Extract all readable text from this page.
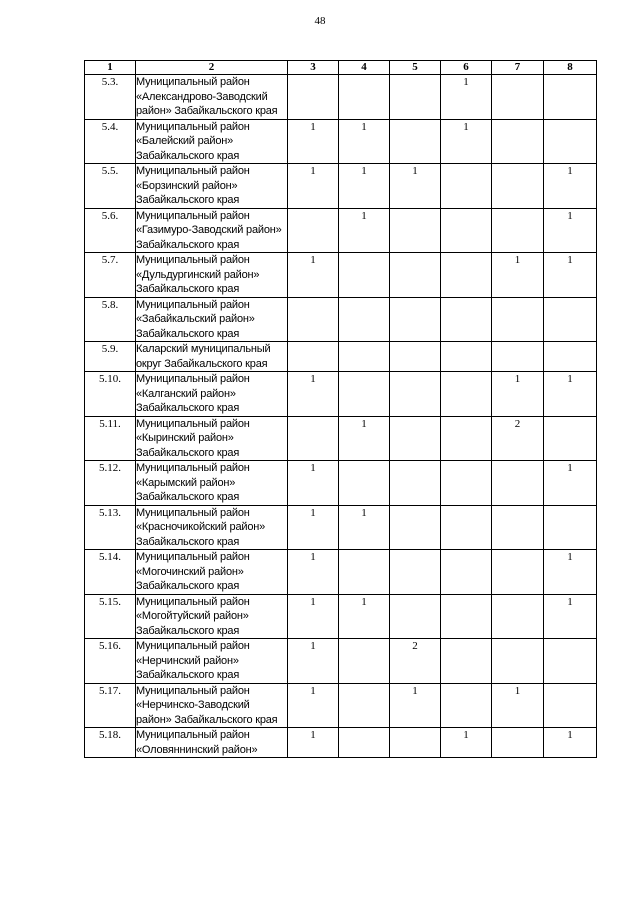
48
1	2	3	4	5	6	7	8
5.3.	Муниципальный район «Александрово-Заводский район» Забайкальского края				1		
5.4.	Муниципальный район «Балейский район» Забайкальского края	1	1		1		
5.5.	Муниципальный район «Борзинский район» Забайкальского края	1	1	1			1
5.6.	Муниципальный район «Газимуро-Заводский район» Забайкальского края		1				1
5.7.	Муниципальный район «Дульдургинский район» Забайкальского края	1				1	1
5.8.	Муниципальный район «Забайкальский район» Забайкальского края						
5.9.	Каларский муниципальный округ Забайкальского края						
5.10.	Муниципальный район «Калганский район» Забайкальского края	1				1	1
5.11.	Муниципальный район «Кыринский район» Забайкальского края		1			2	
5.12.	Муниципальный район «Карымский район» Забайкальского края	1					1
5.13.	Муниципальный район «Красночикойский район» Забайкальского края	1	1				
5.14.	Муниципальный район «Могочинский район» Забайкальского края	1					1
5.15.	Муниципальный район «Могойтуйский район» Забайкальского края	1	1				1
5.16.	Муниципальный район «Нерчинский район» Забайкальского края	1		2			
5.17.	Муниципальный район «Нерчинско-Заводский район» Забайкальского края	1		1		1	
5.18.	Муниципальный район «Оловяннинский район»	1			1		1
